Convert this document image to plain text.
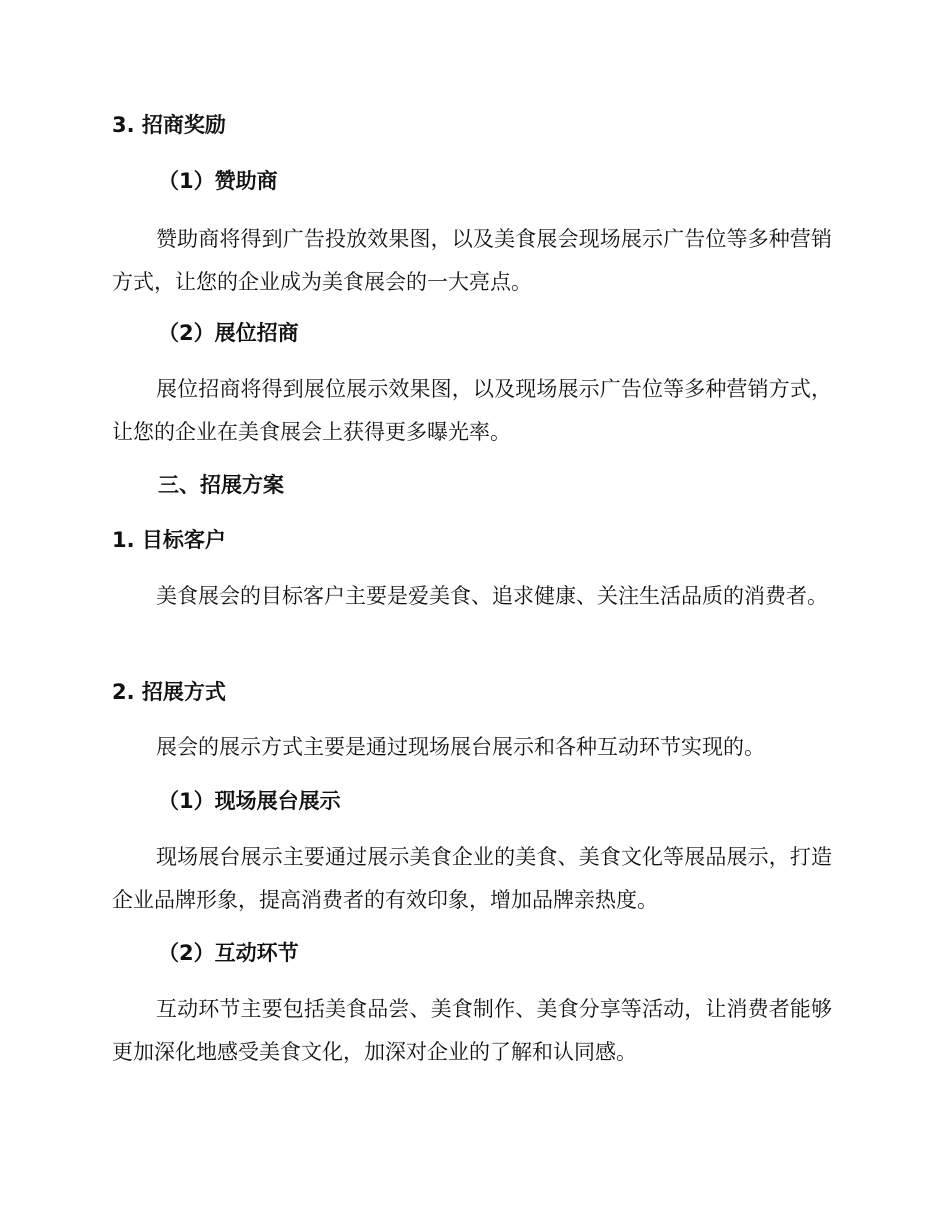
3. 招商奖励
（1）赞助商

赞助商将得到广告投放效果图，以及美食展会现场展示广告位等多种营销方式，让您的企业成为美食展会的一大亮点。

（2）展位招商

展位招商将得到展位展示效果图，以及现场展示广告位等多种营销方式，让您的企业在美食展会上获得更多曝光率。

三、招展方案
1. 目标客户

美食展会的目标客户主要是爱美食、追求健康、关注生活品质的消费者。

2. 招展方式

展会的展示方式主要是通过现场展台展示和各种互动环节实现的。

（1）现场展台展示

现场展台展示主要通过展示美食企业的美食、美食文化等展品展示，打造企业品牌形象，提高消费者的有效印象，增加品牌亲热度。

（2）互动环节

互动环节主要包括美食品尝、美食制作、美食分享等活动，让消费者能够更加深化地感受美食文化，加深对企业的了解和认同感。
